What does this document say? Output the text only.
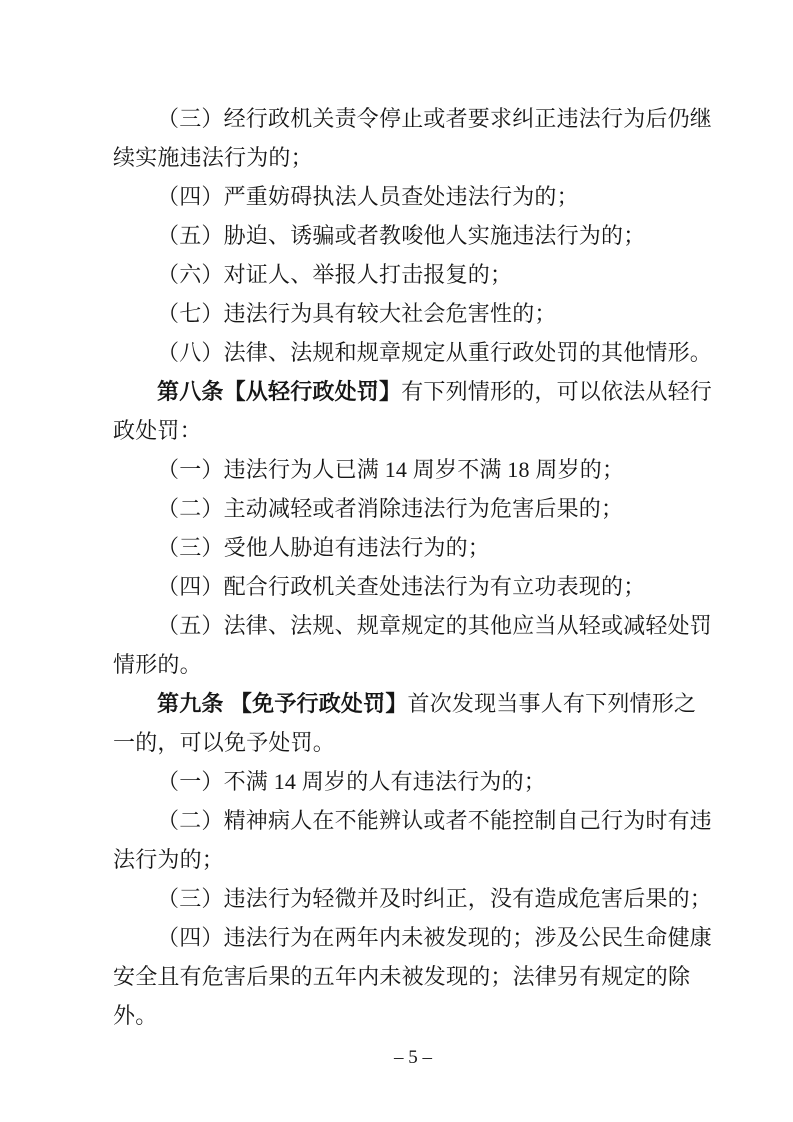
（三）经行政机关责令停止或者要求纠正违法行为后仍继
续实施违法行为的；
（四）严重妨碍执法人员查处违法行为的；
（五）胁迫、诱骗或者教唆他人实施违法行为的；
（六）对证人、举报人打击报复的；
（七）违法行为具有较大社会危害性的；
（八）法律、法规和规章规定从重行政处罚的其他情形。
第八条【从轻行政处罚】有下列情形的，可以依法从轻行
政处罚：
（一）违法行为人已满 14 周岁不满 18 周岁的；
（二）主动减轻或者消除违法行为危害后果的；
（三）受他人胁迫有违法行为的；
（四）配合行政机关查处违法行为有立功表现的；
（五）法律、法规、规章规定的其他应当从轻或减轻处罚
情形的。
第九条 【免予行政处罚】首次发现当事人有下列情形之
一的，可以免予处罚。
（一）不满 14 周岁的人有违法行为的；
（二）精神病人在不能辨认或者不能控制自己行为时有违
法行为的；
（三）违法行为轻微并及时纠正，没有造成危害后果的；
（四）违法行为在两年内未被发现的；涉及公民生命健康
安全且有危害后果的五年内未被发现的；法律另有规定的除
外。
– 5 –
